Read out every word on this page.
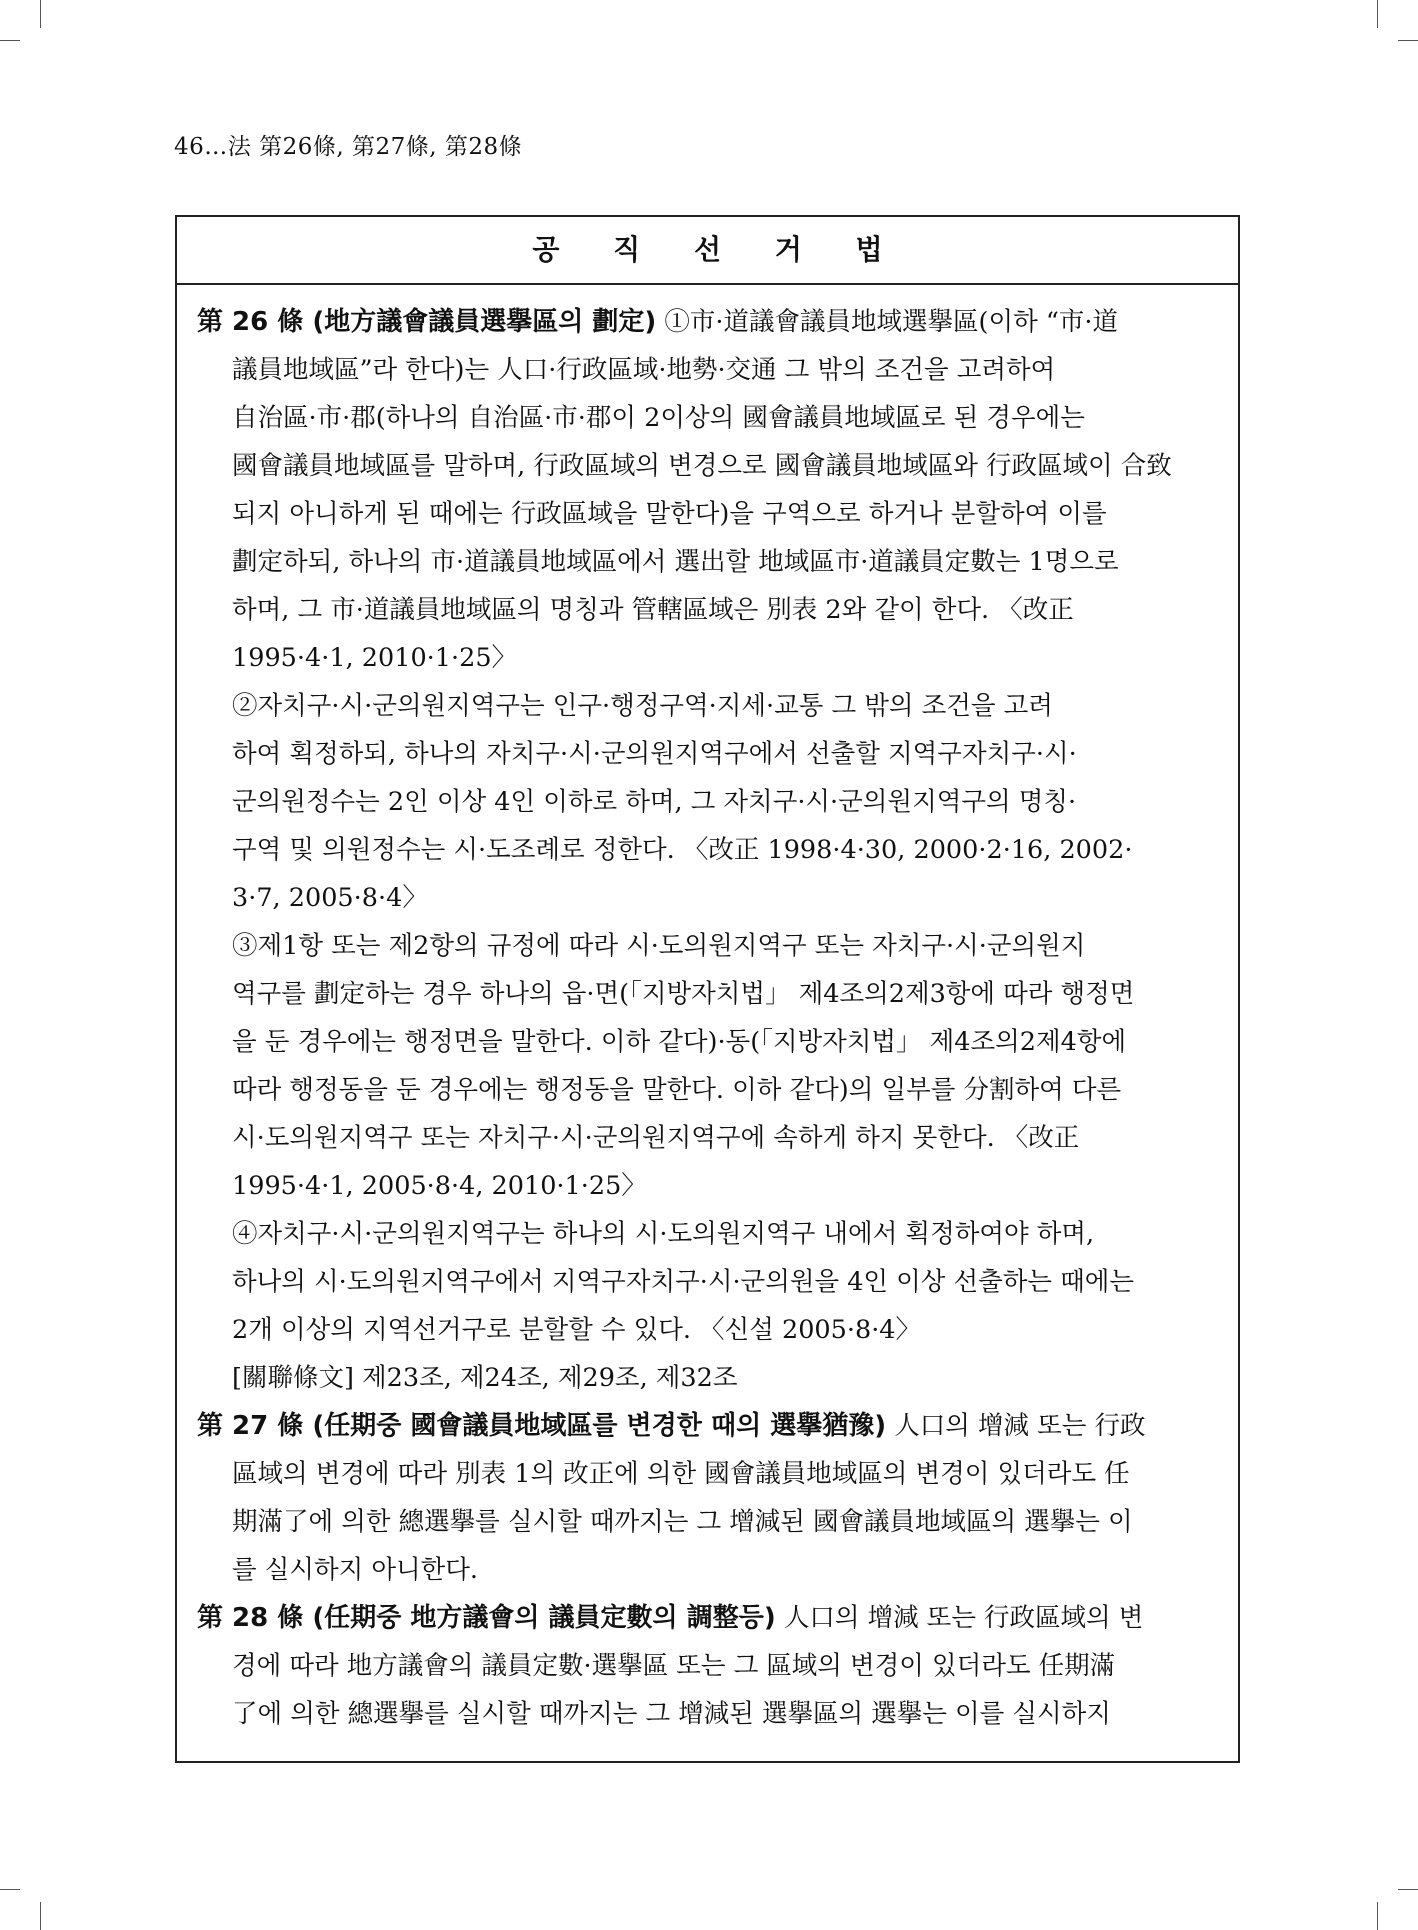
46…法 第26條, 第27條, 第28條
공 직 선 거 법
第 26 條 (地方議會議員選擧區의 劃定) ①市·道議會議員地域選擧區(이하 “市·道
議員地域區”라 한다)는 人口·行政區域·地勢·交通 그 밖의 조건을 고려하여
自治區·市·郡(하나의 自治區·市·郡이 2이상의 國會議員地域區로 된 경우에는
國會議員地域區를 말하며, 行政區域의 변경으로 國會議員地域區와 行政區域이 合致
되지 아니하게 된 때에는 行政區域을 말한다)을 구역으로 하거나 분할하여 이를
劃定하되, 하나의 市·道議員地域區에서 選出할 地域區市·道議員定數는 1명으로
하며, 그 市·道議員地域區의 명칭과 管轄區域은 別表 2와 같이 한다. 〈改正
1995·4·1, 2010·1·25〉
②자치구·시·군의원지역구는 인구·행정구역·지세·교통 그 밖의 조건을 고려
하여 획정하되, 하나의 자치구·시·군의원지역구에서 선출할 지역구자치구·시·
군의원정수는 2인 이상 4인 이하로 하며, 그 자치구·시·군의원지역구의 명칭·
구역 및 의원정수는 시·도조례로 정한다. 〈改正 1998·4·30, 2000·2·16, 2002·
3·7, 2005·8·4〉
③제1항 또는 제2항의 규정에 따라 시·도의원지역구 또는 자치구·시·군의원지
역구를 劃定하는 경우 하나의 읍·면(「지방자치법」 제4조의2제3항에 따라 행정면
을 둔 경우에는 행정면을 말한다. 이하 같다)·동(「지방자치법」 제4조의2제4항에
따라 행정동을 둔 경우에는 행정동을 말한다. 이하 같다)의 일부를 分割하여 다른
시·도의원지역구 또는 자치구·시·군의원지역구에 속하게 하지 못한다. 〈改正
1995·4·1, 2005·8·4, 2010·1·25〉
④자치구·시·군의원지역구는 하나의 시·도의원지역구 내에서 획정하여야 하며,
하나의 시·도의원지역구에서 지역구자치구·시·군의원을 4인 이상 선출하는 때에는
2개 이상의 지역선거구로 분할할 수 있다. 〈신설 2005·8·4〉
[關聯條文] 제23조, 제24조, 제29조, 제32조
第 27 條 (任期중 國會議員地域區를 변경한 때의 選擧猶豫) 人口의 增減 또는 行政
區域의 변경에 따라 別表 1의 改正에 의한 國會議員地域區의 변경이 있더라도 任
期滿了에 의한 總選擧를 실시할 때까지는 그 增減된 國會議員地域區의 選擧는 이
를 실시하지 아니한다.
第 28 條 (任期중 地方議會의 議員定數의 調整등) 人口의 增減 또는 行政區域의 변
경에 따라 地方議會의 議員定數·選擧區 또는 그 區域의 변경이 있더라도 任期滿
了에 의한 總選擧를 실시할 때까지는 그 增減된 選擧區의 選擧는 이를 실시하지
